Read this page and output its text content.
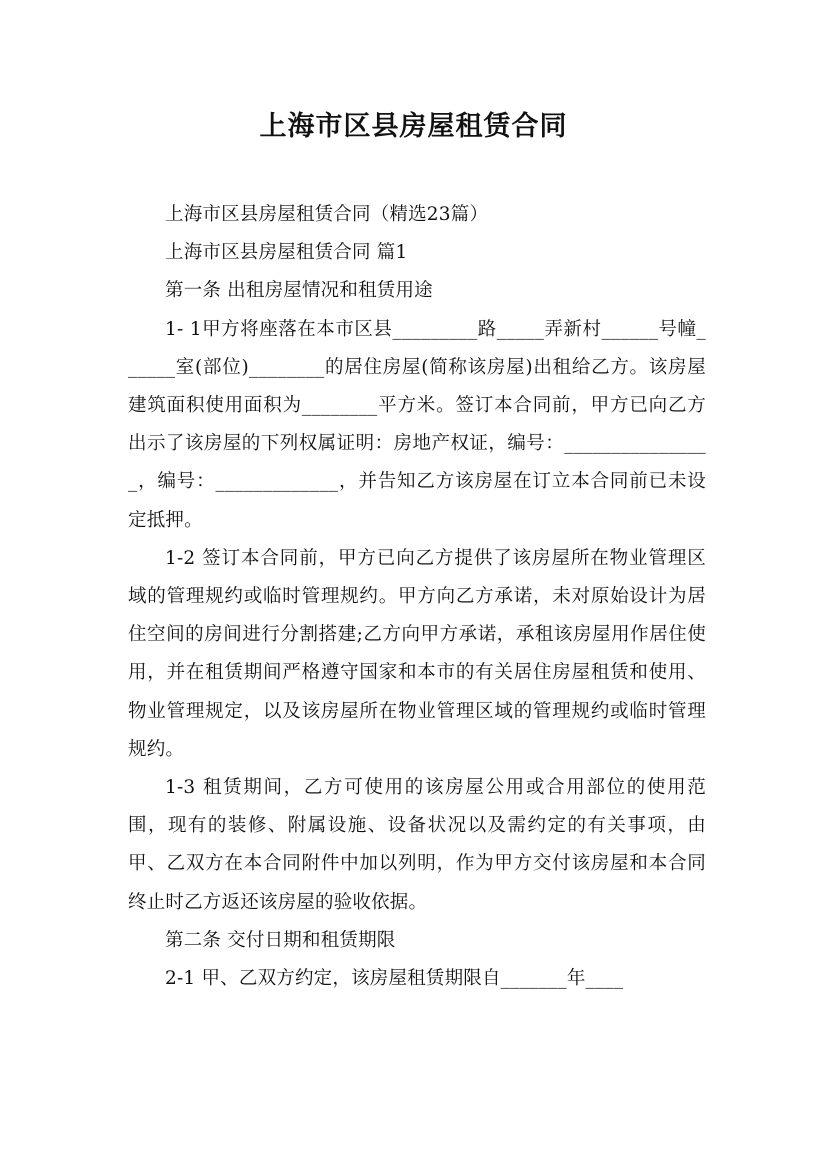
上海市区县房屋租赁合同

上海市区县房屋租赁合同（精选23篇）

上海市区县房屋租赁合同 篇1

第一条 出租房屋情况和租赁用途

1- 1甲方将座落在本市区县_________路_____弄新村______号幢______室(部位)________的居住房屋(简称该房屋)出租给乙方。该房屋建筑面积使用面积为________平方米。签订本合同前，甲方已向乙方出示了该房屋的下列权属证明：房地产权证，编号：________________，编号：_____________，并告知乙方该房屋在订立本合同前已未设定抵押。

1-2 签订本合同前，甲方已向乙方提供了该房屋所在物业管理区域的管理规约或临时管理规约。甲方向乙方承诺，未对原始设计为居住空间的房间进行分割搭建;乙方向甲方承诺，承租该房屋用作居住使用，并在租赁期间严格遵守国家和本市的有关居住房屋租赁和使用、物业管理规定，以及该房屋所在物业管理区域的管理规约或临时管理规约。

1-3 租赁期间，乙方可使用的该房屋公用或合用部位的使用范围，现有的装修、附属设施、设备状况以及需约定的有关事项，由甲、乙双方在本合同附件中加以列明，作为甲方交付该房屋和本合同终止时乙方返还该房屋的验收依据。

第二条 交付日期和租赁期限

2-1 甲、乙双方约定，该房屋租赁期限自_______年____
